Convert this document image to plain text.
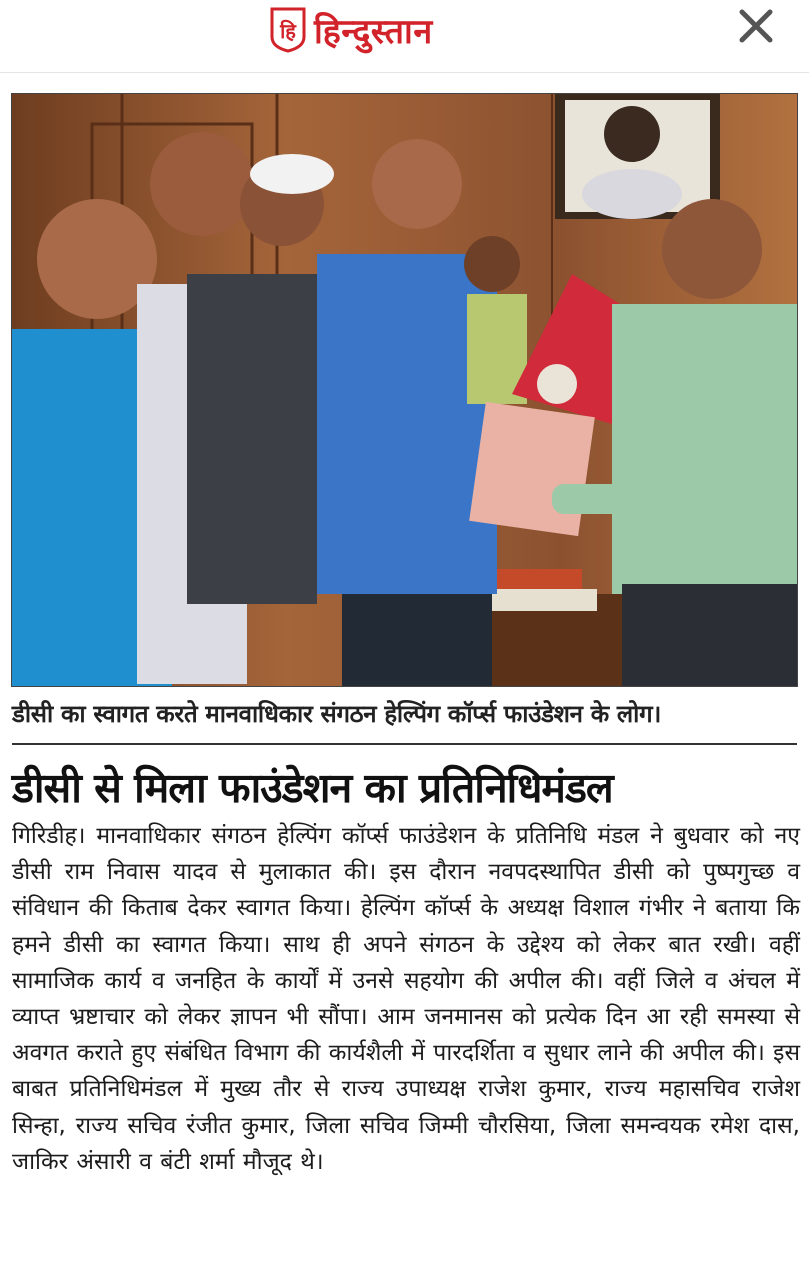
हि हिन्दुस्तान
डीसी का स्वागत करते मानवाधिकार संगठन हेल्पिंग कॉर्प्स फाउंडेशन के लोग।
डीसी से मिला फाउंडेशन का प्रतिनिधिमंडल
गिरिडीह। मानवाधिकार संगठन हेल्पिंग कॉर्प्स फाउंडेशन के प्रतिनिधि मंडल ने बुधवार को नए डीसी राम निवास यादव से मुलाकात की। इस दौरान नवपदस्थापित डीसी को पुष्पगुच्छ व संविधान की किताब देकर स्वागत किया। हेल्पिंग कॉर्प्स के अध्यक्ष विशाल गंभीर ने बताया कि हमने डीसी का स्वागत किया। साथ ही अपने संगठन के उद्देश्य को लेकर बात रखी। वहीं सामाजिक कार्य व जनहित के कार्यों में उनसे सहयोग की अपील की। वहीं जिले व अंचल में व्याप्त भ्रष्टाचार को लेकर ज्ञापन भी सौंपा। आम जनमानस को प्रत्येक दिन आ रही समस्या से अवगत कराते हुए संबंधित विभाग की कार्यशैली में पारदर्शिता व सुधार लाने की अपील की। इस बाबत प्रतिनिधिमंडल में मुख्य तौर से राज्य उपाध्यक्ष राजेश कुमार, राज्य महासचिव राजेश सिन्हा, राज्य सचिव रंजीत कुमार, जिला सचिव जिम्मी चौरसिया, जिला समन्वयक रमेश दास, जाकिर अंसारी व बंटी शर्मा मौजूद थे।
